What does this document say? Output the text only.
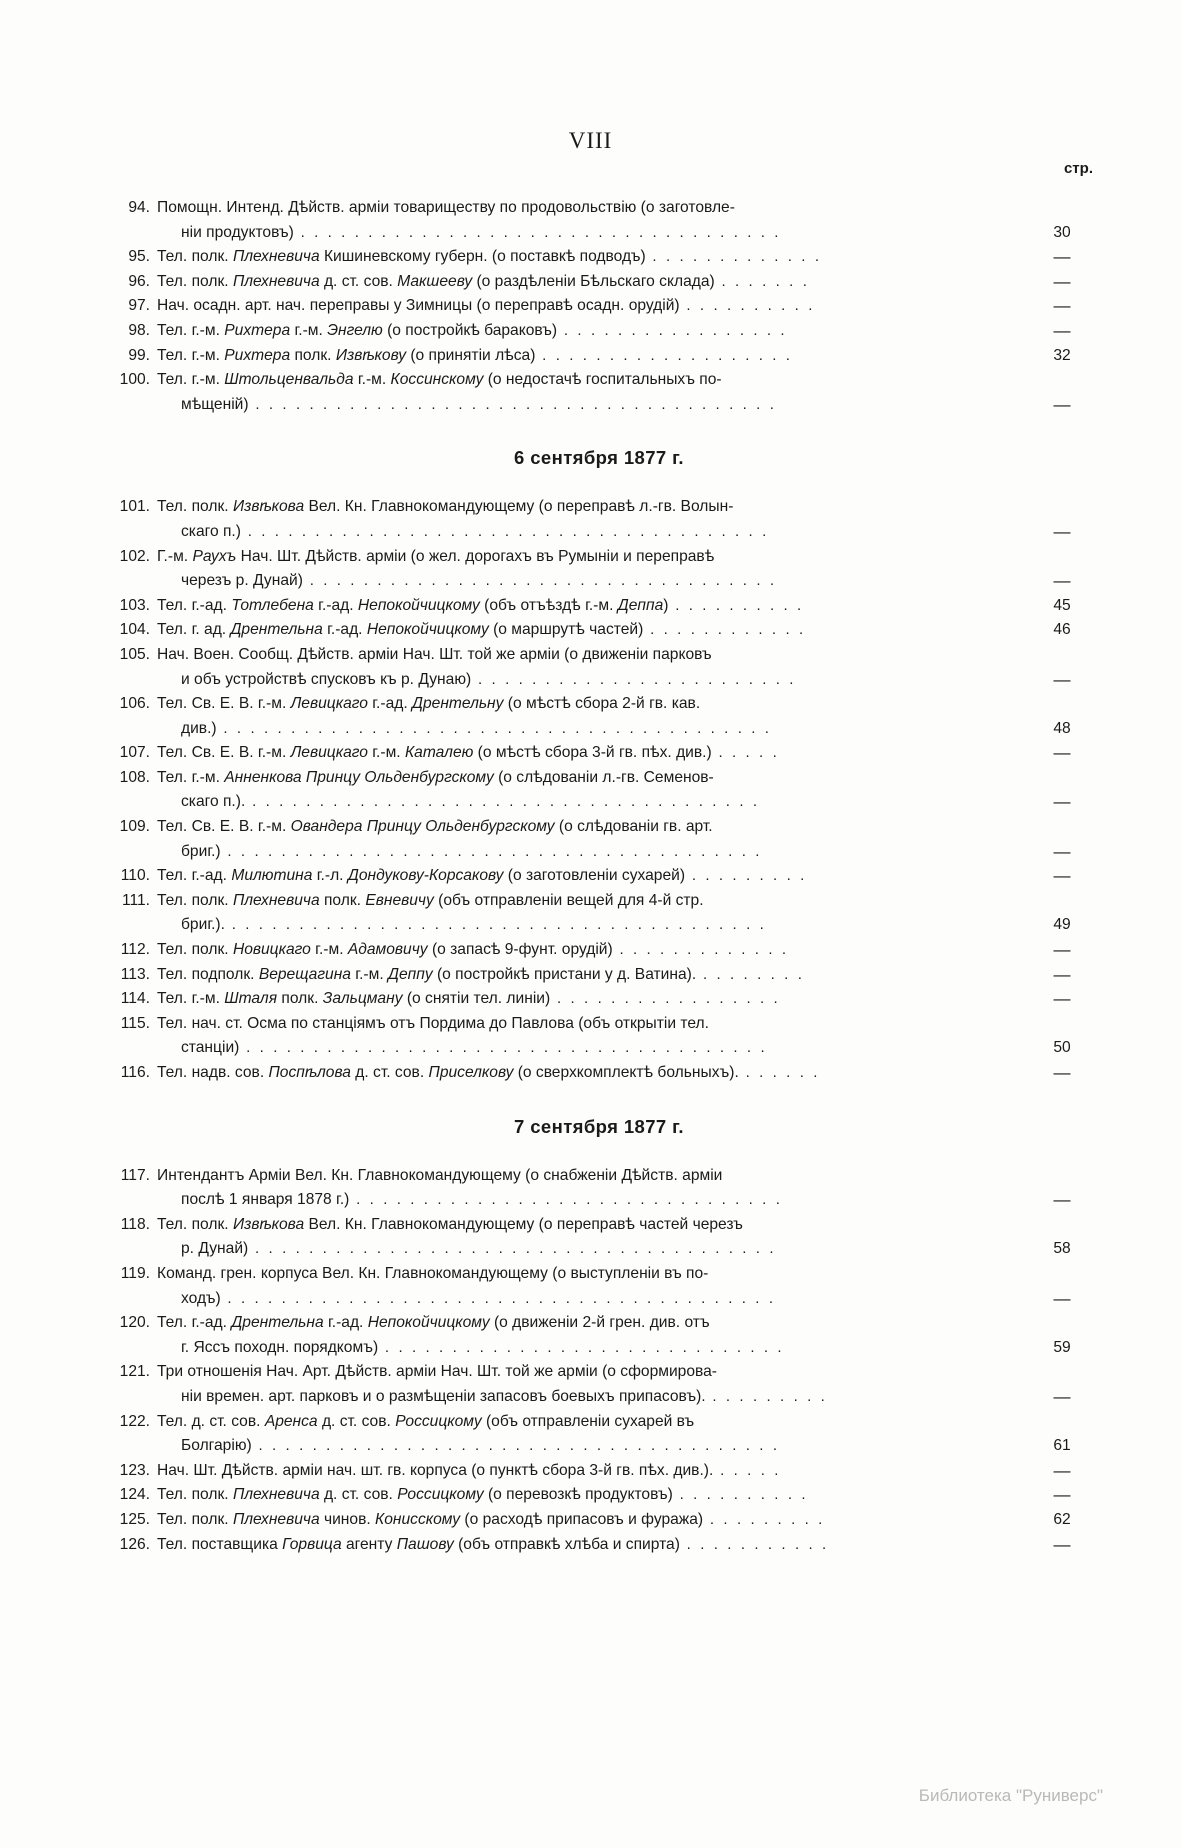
VIII
стр.
94. Помощн. Интенд. Дѣйств. арміи товариществу по продовольствію (о заготовле-
ніи продуктовъ) . . . . . . . . . . . . . . . . . . . . . . . . . . . . . . . . . . . .	30
95. Тел. полк. Плехневича Кишиневскому губерн. (о поставкѣ подводъ) . . . . . . . . . . . . .	—
96. Тел. полк. Плехневича д. ст. сов. Макшееву (о раздѣленіи Бѣльскаго склада) . . . . . . .	—
97. Нач. осадн. арт. нач. переправы у Зимницы (о переправѣ осадн. орудій) . . . . . . . . . .	—
98. Тел. г.-м. Рихтера г.-м. Энгелю (о постройкѣ бараковъ) . . . . . . . . . . . . . . . . .	—
99. Тел. г.-м. Рихтера полк. Извѣкову (о принятіи лѣса) . . . . . . . . . . . . . . . . . . .	32
100. Тел. г.-м. Штольценвальда г.-м. Коссинскому (о недостачѣ госпитальныхъ по-
мѣщеній) . . . . . . . . . . . . . . . . . . . . . . . . . . . . . . . . . . . . . . .	—
6 сентября 1877 г.
101. Тел. полк. Извѣкова Вел. Кн. Главнокомандующему (о переправѣ л.-гв. Волын-
скаго п.) . . . . . . . . . . . . . . . . . . . . . . . . . . . . . . . . . . . . . . .	—
102. Г.-м. Раухъ Нач. Шт. Дѣйств. арміи (о жел. дорогахъ въ Румыніи и переправѣ
черезъ р. Дунай) . . . . . . . . . . . . . . . . . . . . . . . . . . . . . . . . . . .	—
103. Тел. г.-ад. Тотлебена г.-ад. Непокойчицкому (объ отъѣздѣ г.-м. Деппа) . . . . . . . . . .	45
104. Тел. г. ад. Дрентельна г.-ад. Непокойчицкому (о маршрутѣ частей) . . . . . . . . . . . .	46
105. Нач. Воен. Сообщ. Дѣйств. арміи Нач. Шт. той же арміи (о движеніи парковъ
и объ устройствѣ спусковъ къ р. Дунаю) . . . . . . . . . . . . . . . . . . . . . . . .	—
106. Тел. Св. Е. В. г.-м. Левицкаго г.-ад. Дрентельну (о мѣстѣ сбора 2-й гв. кав.
див.) . . . . . . . . . . . . . . . . . . . . . . . . . . . . . . . . . . . . . . . . .	48
107. Тел. Св. Е. В. г.-м. Левицкаго г.-м. Каталею (о мѣстѣ сбора 3-й гв. пѣх. див.) . . . . .	—
108. Тел. г.-м. Анненкова Принцу Ольденбургскому (о слѣдованіи л.-гв. Семенов-
скаго п.). . . . . . . . . . . . . . . . . . . . . . . . . . . . . . . . . . . . . . .	—
109. Тел. Св. Е. В. г.-м. Овандера Принцу Ольденбургскому (о слѣдованіи гв. арт.
бриг.) . . . . . . . . . . . . . . . . . . . . . . . . . . . . . . . . . . . . . . . .	—
110. Тел. г.-ад. Милютина г.-л. Дондукову-Корсакову (о заготовленіи сухарей) . . . . . . . . .	—
111. Тел. полк. Плехневича полк. Евневичу (объ отправленіи вещей для 4-й стр.
бриг.). . . . . . . . . . . . . . . . . . . . . . . . . . . . . . . . . . . . . . . . .	49
112. Тел. полк. Новицкаго г.-м. Адамовичу (о запасѣ 9-фунт. орудій) . . . . . . . . . . . . .	—
113. Тел. подполк. Верещагина г.-м. Деппу (о постройкѣ пристани у д. Ватина). . . . . . . . .	—
114. Тел. г.-м. Шталя полк. Зальцману (о снятіи тел. линіи) . . . . . . . . . . . . . . . . .	—
115. Тел. нач. ст. Осма по станціямъ отъ Пордима до Павлова (объ открытіи тел.
станціи) . . . . . . . . . . . . . . . . . . . . . . . . . . . . . . . . . . . . . . .	50
116. Тел. надв. сов. Поспѣлова д. ст. сов. Приселкову (о сверхкомплектѣ больныхъ). . . . . . .	—
7 сентября 1877 г.
117. Интендантъ Арміи Вел. Кн. Главнокомандующему (о снабженіи Дѣйств. арміи
послѣ 1 января 1878 г.) . . . . . . . . . . . . . . . . . . . . . . . . . . . . . . . .	—
118. Тел. полк. Извѣкова Вел. Кн. Главнокомандующему (о переправѣ частей черезъ
р. Дунай) . . . . . . . . . . . . . . . . . . . . . . . . . . . . . . . . . . . . . . .	58
119. Команд. грен. корпуса Вел. Кн. Главнокомандующему (о выступленіи въ по-
ходъ) . . . . . . . . . . . . . . . . . . . . . . . . . . . . . . . . . . . . . . . . .	—
120. Тел. г.-ад. Дрентельна г.-ад. Непокойчицкому (о движеніи 2-й грен. див. отъ
г. Яссъ походн. порядкомъ) . . . . . . . . . . . . . . . . . . . . . . . . . . . . . .	59
121. Три отношенія Нач. Арт. Дѣйств. арміи Нач. Шт. той же арміи (о сформирова-
ніи времен. арт. парковъ и о размѣщеніи запасовъ боевыхъ припасовъ). . . . . . . . . .	—
122. Тел. д. ст. сов. Аренса д. ст. сов. Россицкому (объ отправленіи сухарей въ
Болгарію) . . . . . . . . . . . . . . . . . . . . . . . . . . . . . . . . . . . . . . .	61
123. Нач. Шт. Дѣйств. арміи нач. шт. гв. корпуса (о пунктѣ сбора 3-й гв. пѣх. див.). . . . . .	—
124. Тел. полк. Плехневича д. ст. сов. Россицкому (о перевозкѣ продуктовъ) . . . . . . . . . .	—
125. Тел. полк. Плехневича чинов. Конисскому (о расходѣ припасовъ и фуража) . . . . . . . . .	62
126. Тел. поставщика Горвица агенту Пашову (объ отправкѣ хлѣба и спирта) . . . . . . . . . . .	—
Библиотека "Руниверс"
